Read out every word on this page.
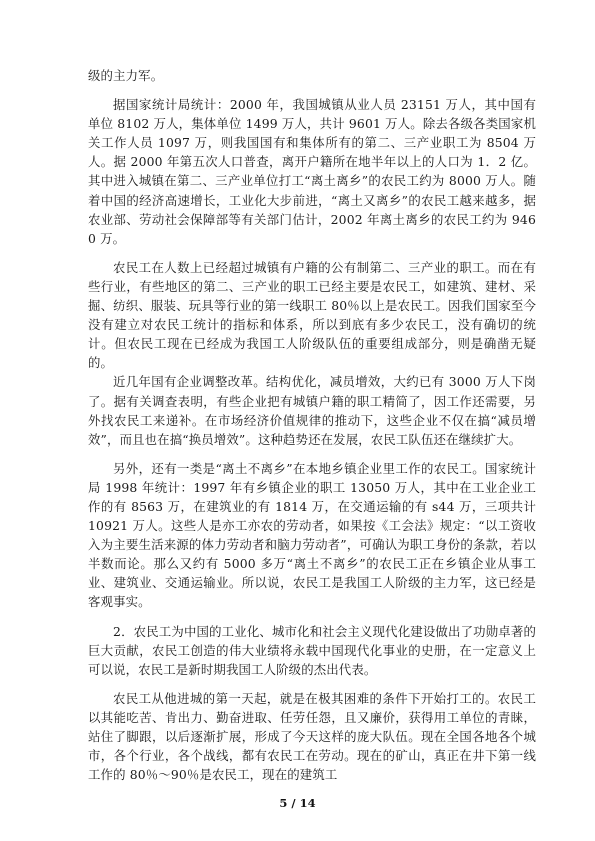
级的主力军。

据国家统计局统计：2000 年，我国城镇从业人员 23151 万人，其中国有单位 8102 万人，集体单位 1499 万人，共计 9601 万人。除去各级各类国家机关工作人员 1097 万，则我国国有和集体所有的第二、三产业职工为 8504 万人。据 2000 年第五次人口普查，离开户籍所在地半年以上的人口为 1．2 亿。其中进入城镇在第二、三产业单位打工“离土离乡”的农民工约为 8000 万人。随着中国的经济高速增长，工业化大步前进，“离土又离乡”的农民工越来越多，据农业部、劳动社会保障部等有关部门估计，2002 年离土离乡的农民工约为 9460 万。

农民工在人数上已经超过城镇有户籍的公有制第二、三产业的职工。而在有些行业，有些地区的第二、三产业的职工已经主要是农民工，如建筑、建材、采掘、纺织、服装、玩具等行业的第一线职工 80％以上是农民工。因我们国家至今没有建立对农民工统计的指标和体系，所以到底有多少农民工，没有确切的统计。但农民工现在已经成为我国工人阶级队伍的重要组成部分，则是确凿无疑的。

近几年国有企业调整改革。结构优化，减员增效，大约已有 3000 万人下岗了。据有关调查表明，有些企业把有城镇户籍的职工精简了，因工作还需要，另外找农民工来递补。在市场经济价值规律的推动下，这些企业不仅在搞“减员增效”，而且也在搞“换员增效”。这种趋势还在发展，农民工队伍还在继续扩大。

另外，还有一类是“离土不离乡”在本地乡镇企业里工作的农民工。国家统计局 1998 年统计：1997 年有乡镇企业的职工 13050 万人，其中在工业企业工作的有 8563 万，在建筑业的有 1814 万，在交通运输的有 s44 万，三项共计 10921 万人。这些人是亦工亦农的劳动者，如果按《工会法》规定：“以工资收入为主要生活来源的体力劳动者和脑力劳动者”，可确认为职工身份的条款，若以半数而论。那么又约有 5000 多万“离土不离乡”的农民工正在乡镇企业从事工业、建筑业、交通运输业。所以说，农民工是我国工人阶级的主力军，这已经是客观事实。

2．农民工为中国的工业化、城市化和社会主义现代化建设做出了功勋卓著的巨大贡献，农民工创造的伟大业绩将永载中国现代化事业的史册，在一定意义上可以说，农民工是新时期我国工人阶级的杰出代表。

农民工从他进城的第一天起，就是在极其困难的条件下开始打工的。农民工以其能吃苦、肯出力、勤奋进取、任劳任怨，且又廉价，获得用工单位的青睐，站住了脚跟，以后逐渐扩展，形成了今天这样的庞大队伍。现在全国各地各个城市，各个行业，各个战线，都有农民工在劳动。现在的矿山，真正在井下第一线工作的 80％～90％是农民工，现在的建筑工

5 / 14
